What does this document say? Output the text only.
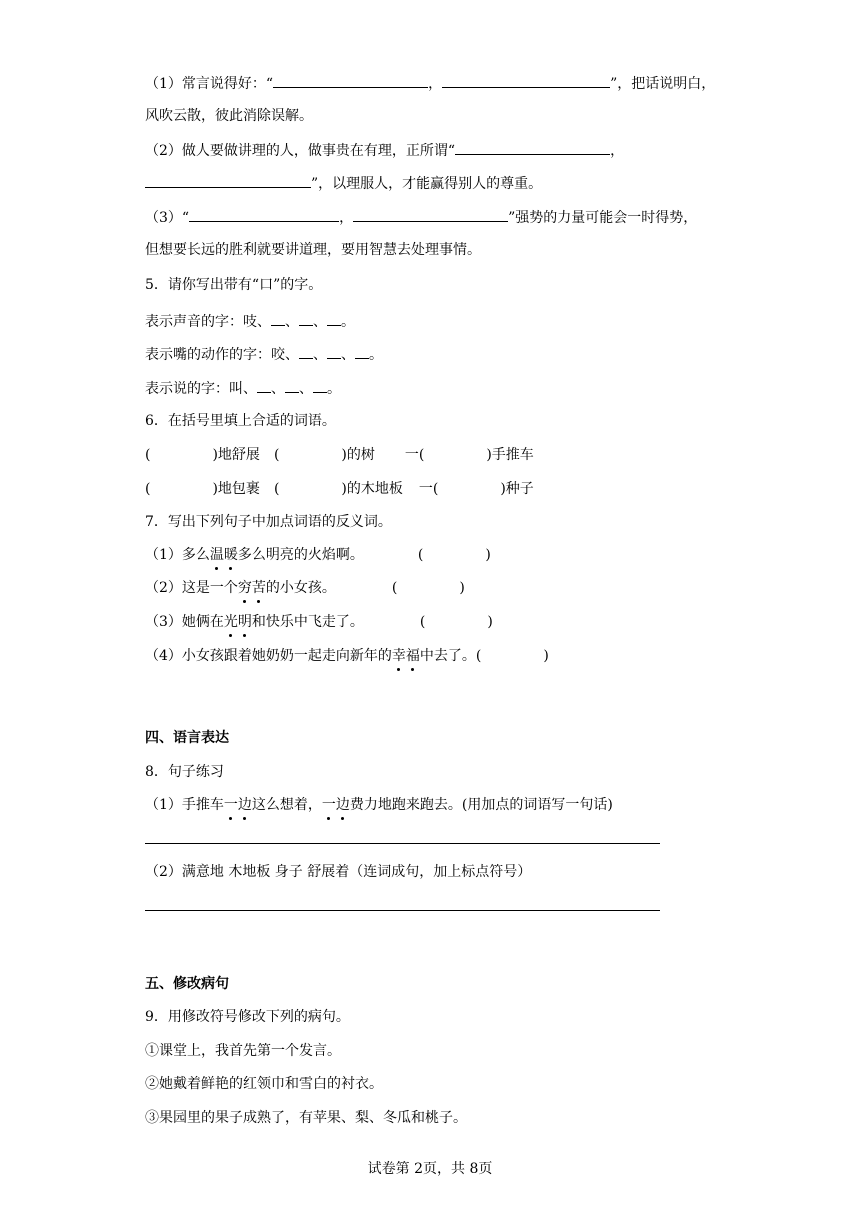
（1）常言说得好：“	，	”，把话说明白，
风吹云散，彼此消除误解。
（2）做人要做讲理的人，做事贵在有理，正所谓“	，
”，以理服人，才能赢得别人的尊重。
（3）“	，	”强势的力量可能会一时得势，
但想要长远的胜利就要讲道理，要用智慧去处理事情。
5．请你写出带有“口”的字。
表示声音的字：吱、 、 、 。
表示嘴的动作的字：咬、 、 、 。
表示说的字：叫、 、 、 。
6．在括号里填上合适的词语。
(	)地舒展 (	)的树 一(	)手推车
(	)地包裹 (	)的木地板 一(	)种子
7．写出下列句子中加点词语的反义词。
（1）多么温暖多么明亮的火焰啊。	(	)
（2）这是一个穷苦的小女孩。	(	)
（3）她俩在光明和快乐中飞走了。	(	)
（4）小女孩跟着她奶奶一起走向新年的幸福中去了。(	)
四、语言表达
8．句子练习
（1）手推车一边这么想着，一边费力地跑来跑去。(用加点的词语写一句话)
（2）满意地 木地板 身子 舒展着（连词成句，加上标点符号）
五、修改病句
9．用修改符号修改下列的病句。
①课堂上，我首先第一个发言。
②她戴着鲜艳的红领巾和雪白的衬衣。
③果园里的果子成熟了，有苹果、梨、冬瓜和桃子。
试卷第 2页，共 8页
